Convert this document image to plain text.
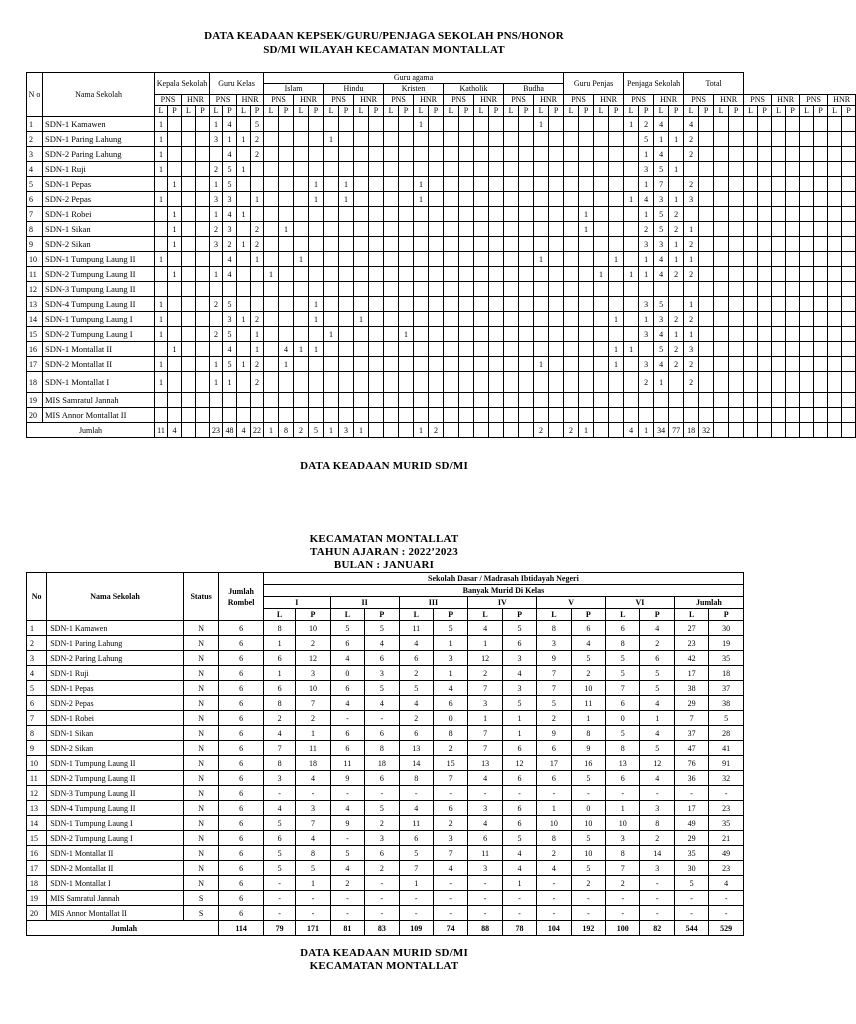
DATA KEADAAN KEPSEK/GURU/PENJAGA SEKOLAH PNS/HONOR
SD/MI WILAYAH KECAMATAN MONTALLAT
N o	Nama Sekolah	Kepala Sekolah				Guru Kelas				Guru agama																				Guru Penjas				Penjaga Sekolah				Total											
										Islam				Hindu				Kristen				Katholik				Budha																							
		PNS		HNR		PNS		HNR		PNS		HNR		PNS		HNR		PNS		HNR		PNS		HNR		PNS		HNR		PNS		HNR		PNS		HNR		PNS		HNR		PNS		HNR		PNS		HNR	
		L	P	L	P	L	P	L	P	L	P	L	P	L	P	L	P	L	P	L	P	L	P	L	P	L	P	L	P	L	P	L	P	L	P	L	P	L	P	L	P	L	P	L	P	L	P	L	P
1	SDN-1 Kamawen	1				1	4		5											1								1						1	2	4		4											
2	SDN-1 Paring Lahung	1				3	1	1	2					1																					5	1	1	2											
3	SDN-2 Paring Lahung	1					4		2																										1	4		2											
4	SDN-1 Ruji	1				2	5	1																											3	5	1												
5	SDN-1 Pepas		1			1	5						1		1					1															1	7		2											
6	SDN-2 Pepas	1				3	3		1				1		1					1														1	4	3	1	3											
7	SDN-1 Robei		1			1	4	1																							1				1	5	2												
8	SDN-1 Sikan		1			2	3		2		1																				1				2	5	2	1											
9	SDN-2 Sikan		1			3	2	1	2																										3	3	1	2											
10	SDN-1 Tumpung Laung II	1					4		1			1																1					1		1	4	1	1											
11	SDN-2 Tumpung Laung II		1			1	4			1																						1		1	1	4	2	2											
12	SDN-3 Tumpung Laung II																																																
13	SDN-4 Tumpung Laung II	1				2	5						1																						3	5		1											
14	SDN-1 Tumpung Laung I	1					3	1	2				1			1																	1		1	3	2	2											
15	SDN-2 Tumpung Laung I	1				2	5		1					1					1																3	4	1	1											
16	SDN-1 Montallat II		1				4		1		4	1	1																				1	1		5	2	3											
17	SDN-2 Montallat II	1				1	5	1	2		1																	1					1		3	4	2	2											
18	SDN-1 Montallat I	1				1	1		2																										2	1		2											
19	MIS Samratul Jannah																																																
20	MIS Annor Montallat II																																																
Jumlah		11	4			23	48	4	22	1	8	2	5	1	3	1				1	2							2		2	1			4	1	34	77	18	32										
DATA KEADAAN MURID SD/MI
KECAMATAN MONTALLAT
TAHUN AJARAN : 2022’2023
BULAN : JANUARI
No	Nama Sekolah	Status	Jumlah Rombel	Sekolah Dasar / Madrasah Ibtidayah Negeri													
				Banyak Murid Di Kelas													
				I		II		III		IV		V		VI		Jumlah	
				L	P	L	P	L	P	L	P	L	P	L	P	L	P
1	SDN-1 Kamawen	N	6	8	10	5	5	11	5	4	5	8	6	6	4	27	30
2	SDN-1 Paring Lahung	N	6	1	2	6	4	4	1	1	6	3	4	8	2	23	19
3	SDN-2 Paring Lahung	N	6	6	12	4	6	6	3	12	3	9	5	5	6	42	35
4	SDN-1 Ruji	N	6	1	3	0	3	2	1	2	4	7	2	5	5	17	18
5	SDN-1 Pepas	N	6	6	10	6	5	5	4	7	3	7	10	7	5	38	37
6	SDN-2 Pepas	N	6	8	7	4	4	4	6	3	5	5	11	6	4	29	38
7	SDN-1 Robei	N	6	2	2	-	-	2	0	1	1	2	1	0	1	7	5
8	SDN-1 Sikan	N	6	4	1	6	6	6	8	7	1	9	8	5	4	37	28
9	SDN-2 Sikan	N	6	7	11	6	8	13	2	7	6	6	9	8	5	47	41
10	SDN-1 Tumpung Laung II	N	6	8	18	11	18	14	15	13	12	17	16	13	12	76	91
11	SDN-2 Tumpung Laung II	N	6	3	4	9	6	8	7	4	6	6	5	6	4	36	32
12	SDN-3 Tumpung Laung II	N	6	-	-	-	-	-	-	-	-	-	-	-	-	-	-
13	SDN-4 Tumpung Laung II	N	6	4	3	4	5	4	6	3	6	1	0	1	3	17	23
14	SDN-1 Tumpung Laung I	N	6	5	7	9	2	11	2	4	6	10	10	10	8	49	35
15	SDN-2 Tumpung Laung I	N	6	6	4	-	3	6	3	6	5	8	5	3	2	29	21
16	SDN-1 Montallat II	N	6	5	8	5	6	5	7	11	4	2	10	8	14	35	49
17	SDN-2 Montallat II	N	6	5	5	4	2	7	4	3	4	4	5	7	3	30	23
18	SDN-1 Montallat I	N	6	-	1	2	-	1	-	-	1	-	2	2	-	5	4
19	MIS Samratul Jannah	S	6	-	-	-	-	-	-	-	-	-	-	-	-	-	-
20	MIS Annor Montallat II	S	6	-	-	-	-	-	-	-	-	-	-	-	-	-	-
Jumlah			114	79	171	81	83	109	74	88	78	104	192	100	82	544	529
DATA KEADAAN MURID SD/MI
KECAMATAN MONTALLAT
